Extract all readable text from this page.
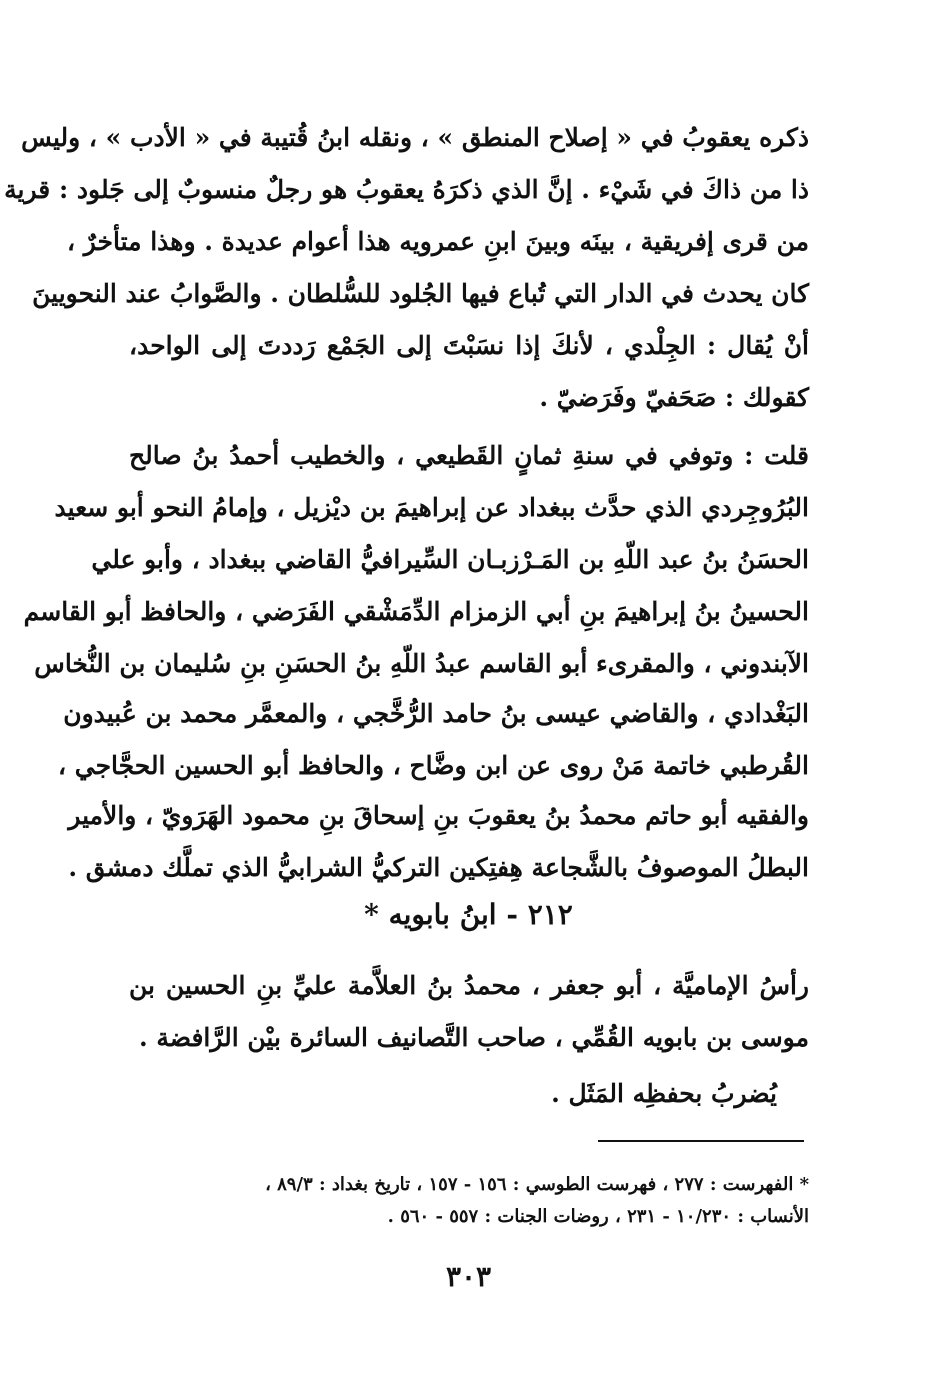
ذكره يعقوبُ في « إصلاح المنطق » ، ونقله ابنُ قُتيبة في « الأدب » ، وليس
ذا من ذاكَ في شَيْء . إنَّ الذي ذكرَهُ يعقوبُ هو رجلٌ منسوبٌ إلى جَلود : قرية
من قرى إفريقية ، بينَه وبينَ ابنِ عمرويه هذا أعوام عديدة . وهذا متأخرٌ ،
كان يحدث في الدار التي تُباع فيها الجُلود للسُّلطان . والصَّوابُ عند النحويينَ
أنْ يُقال : الجِلْدي ، لأنكَ إذا نسَبْتَ إلى الجَمْع رَددتَ إلى الواحد،
كقولك : صَحَفيّ وفَرَضيّ .
قلت : وتوفي في سنةِ ثمانٍ القَطيعي ، والخطيب أحمدُ بنُ صالح
البُرُوجِردي الذي حدَّث ببغداد عن إبراهيمَ بن ديْزيل ، وإمامُ النحو أبو سعيد
الحسَنُ بنُ عبد اللّهِ بن المَـرْزبـان السِّيرافيُّ القاضي ببغداد ، وأبو علي
الحسينُ بنُ إبراهيمَ بنِ أبي الزمزام الدِّمَشْقي الفَرَضي ، والحافظ أبو القاسم
الآبندوني ، والمقرىء أبو القاسم عبدُ اللّهِ بنُ الحسَنِ بنِ سُليمان بن النُّخاس
البَغْدادي ، والقاضي عيسى بنُ حامد الرُّخَّجي ، والمعمَّر محمد بن عُبيدون
القُرطبي خاتمة مَنْ روى عن ابن وضَّاح ، والحافظ أبو الحسين الحجَّاجي ،
والفقيه أبو حاتم محمدُ بنُ يعقوبَ بنِ إسحاقَ بنِ محمود الهَرَويّ ، والأمير
البطلُ الموصوفُ بالشَّجاعة هِفتِكين التركيُّ الشرابيُّ الذي تملَّك دمشق .
٢١٢ - ابنُ بابويه *
رأسُ الإماميَّة ، أبو جعفر ، محمدُ بنُ العلاَّمة عليِّ بنِ الحسين بن
موسى بن بابويه القُمِّي ، صاحب التَّصانيف السائرة بيْن الرَّافضة .
يُضربُ بحفظِه المَثَل .
* الفهرست : ٢٧٧ ، فهرست الطوسي : ١٥٦ - ١٥٧ ، تاريخ بغداد : ٨٩/٣ ،
الأنساب : ١٠/٢٣٠ - ٢٣١ ، روضات الجنات : ٥٥٧ - ٥٦٠ .
٣٠٣
